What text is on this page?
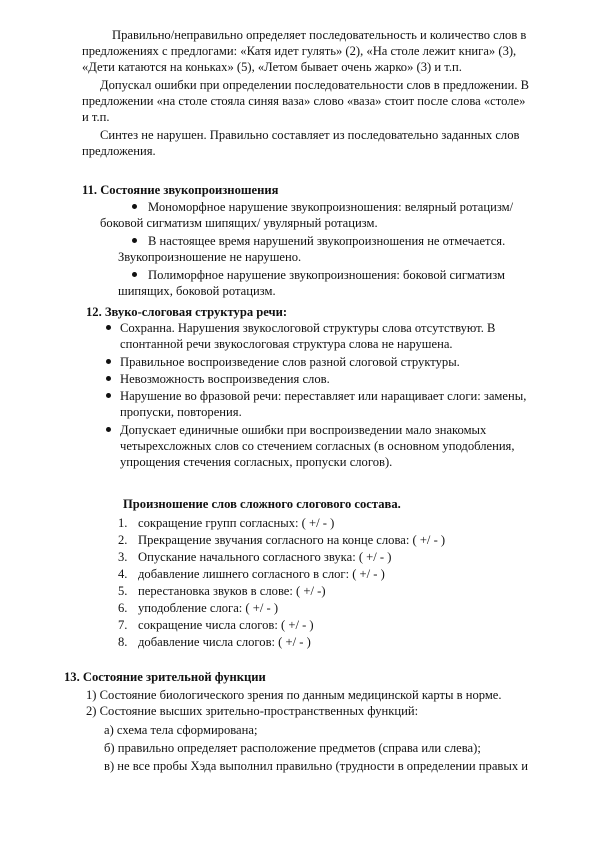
Правильно/неправильно определяет последовательность и количество слов в
предложениях с предлогами: «Катя идет гулять» (2), «На столе лежит книга» (3),
«Дети катаются на коньках» (5), «Летом бывает очень жарко» (3) и т.п.
Допускал ошибки при определении последовательности слов в предложении. В
предложении «на столе стояла синяя ваза» слово «ваза» стоит после слова «столе»
и т.п.
Синтез не нарушен. Правильно составляет из последовательно заданных слов
предложения.
11. Состояние звукопроизношения
Мономорфное нарушение звукопроизношения: велярный ротацизм/
боковой сигматизм шипящих/ увулярный ротацизм.
В настоящее время нарушений звукопроизношения не отмечается.
Звукопроизношение не нарушено.
Полиморфное нарушение звукопроизношения: боковой сигматизм
шипящих, боковой ротацизм.
12. Звуко-слоговая структура речи:
Сохранна. Нарушения звукослоговой структуры слова отсутствуют. В
спонтанной речи звукослоговая структура слова не нарушена.
Правильное воспроизведение слов разной слоговой структуры.
Невозможность воспроизведения слов.
Нарушение во фразовой речи: переставляет или наращивает слоги: замены,
пропуски, повторения.
Допускает единичные ошибки при воспроизведении мало знакомых
четырехсложных слов со стечением согласных (в основном уподобления,
упрощения стечения согласных, пропуски слогов).
Произношение слов сложного слогового состава.
1. сокращение групп согласных: ( +/ - )
2. Прекращение звучания согласного на конце слова: ( +/ - )
3. Опускание начального согласного звука: ( +/ - )
4. добавление лишнего согласного в слог: ( +/ - )
5. перестановка звуков в слове: ( +/ -)
6. уподобление слога: ( +/ - )
7. сокращение числа слогов: ( +/ - )
8. добавление числа слогов: ( +/ - )
13. Состояние зрительной функции
1) Состояние биологического зрения по данным медицинской карты в норме.
2) Состояние высших зрительно-пространственных функций:
а) схема тела сформирована;
б) правильно определяет расположение предметов (справа или слева);
в) не все пробы Хэда выполнил правильно (трудности в определении правых и
